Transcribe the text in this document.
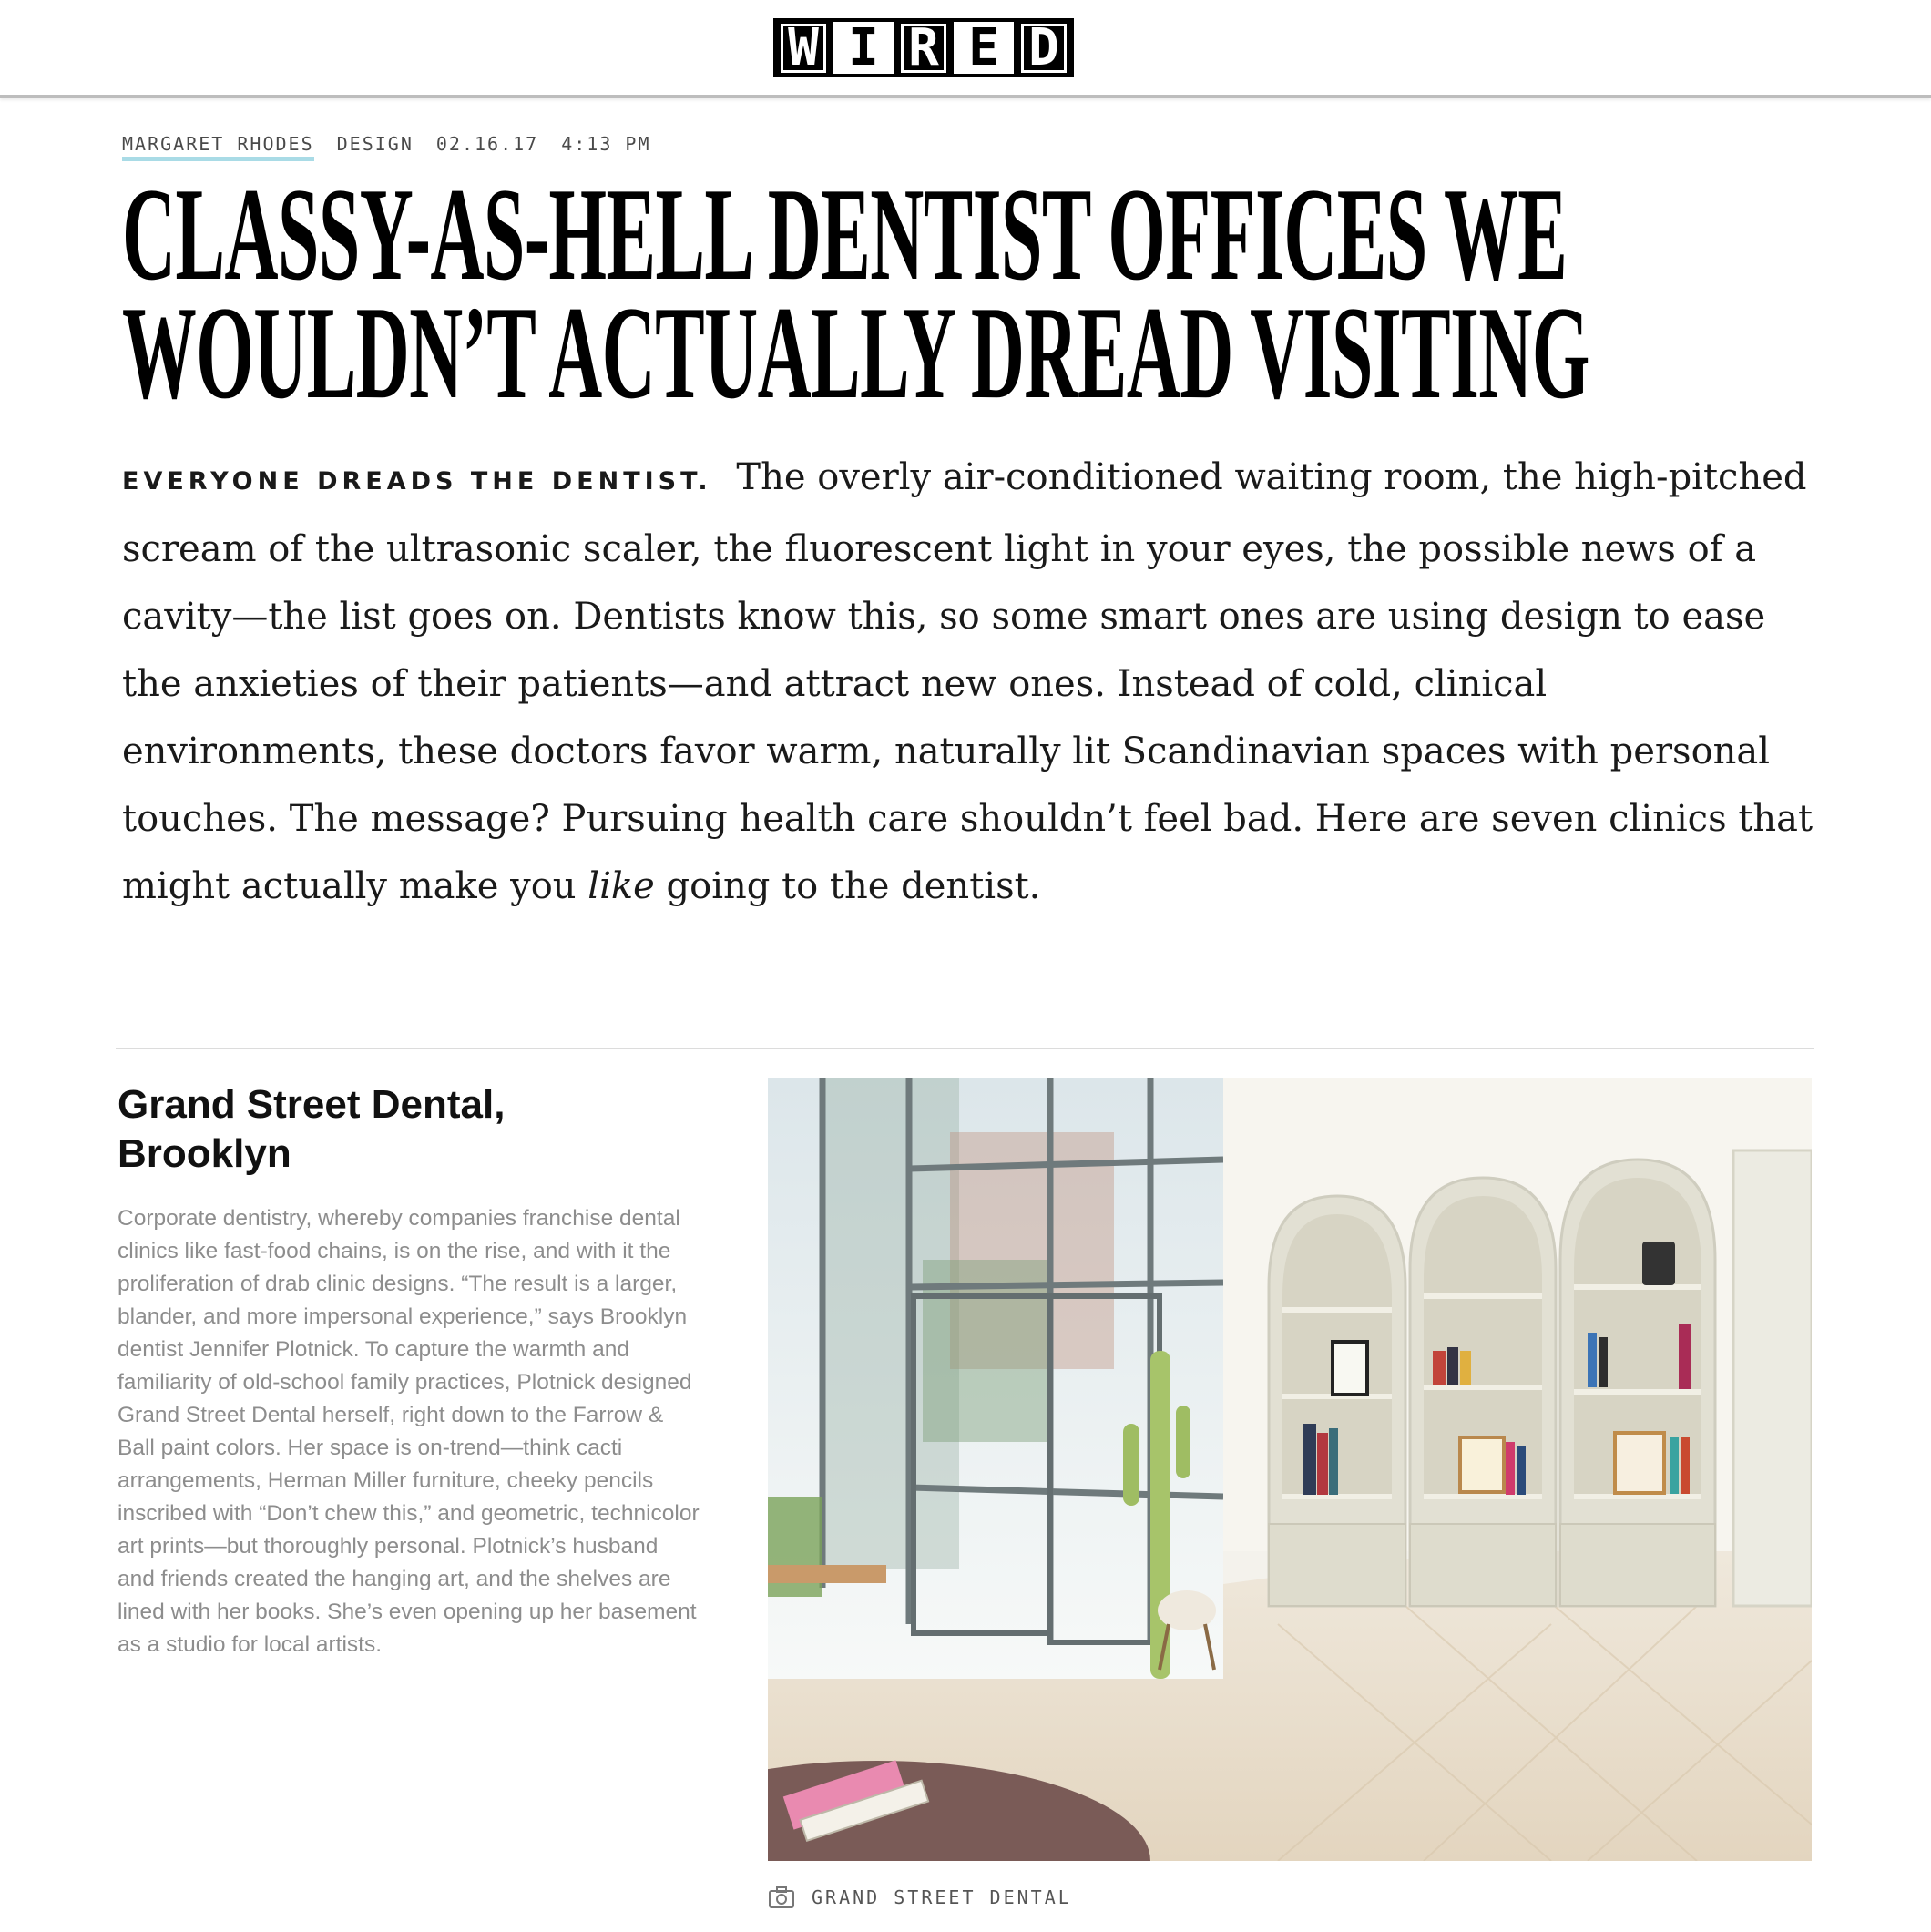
W I R E D
MARGARET RHODES DESIGN 02.16.17 4:13 PM
CLASSY-AS-HELL DENTIST OFFICES WE
WOULDN’T ACTUALLY DREAD VISITING

EVERYONE DREADS THE DENTIST. The overly air-conditioned waiting room, the high-pitched scream of the ultrasonic scaler, the fluorescent light in your eyes, the possible news of a cavity—the list goes on. Dentists know this, so some smart ones are using design to ease the anxieties of their patients—and attract new ones. Instead of cold, clinical environments, these doctors favor warm, naturally lit Scandinavian spaces with personal touches. The message? Pursuing health care shouldn’t feel bad. Here are seven clinics that might actually make you like going to the dentist.

Grand Street Dental,
Brooklyn

Corporate dentistry, whereby companies franchise dental clinics like fast-food chains, is on the rise, and with it the proliferation of drab clinic designs. “The result is a larger, blander, and more impersonal experience,” says Brooklyn dentist Jennifer Plotnick. To capture the warmth and familiarity of old-school family practices, Plotnick designed Grand Street Dental herself, right down to the Farrow & Ball paint colors. Her space is on-trend—think cacti arrangements, Herman Miller furniture, cheeky pencils inscribed with “Don’t chew this,” and geometric, technicolor art prints—but thoroughly personal. Plotnick’s husband and friends created the hanging art, and the shelves are lined with her books. She’s even opening up her basement as a studio for local artists.

GRAND STREET DENTAL
